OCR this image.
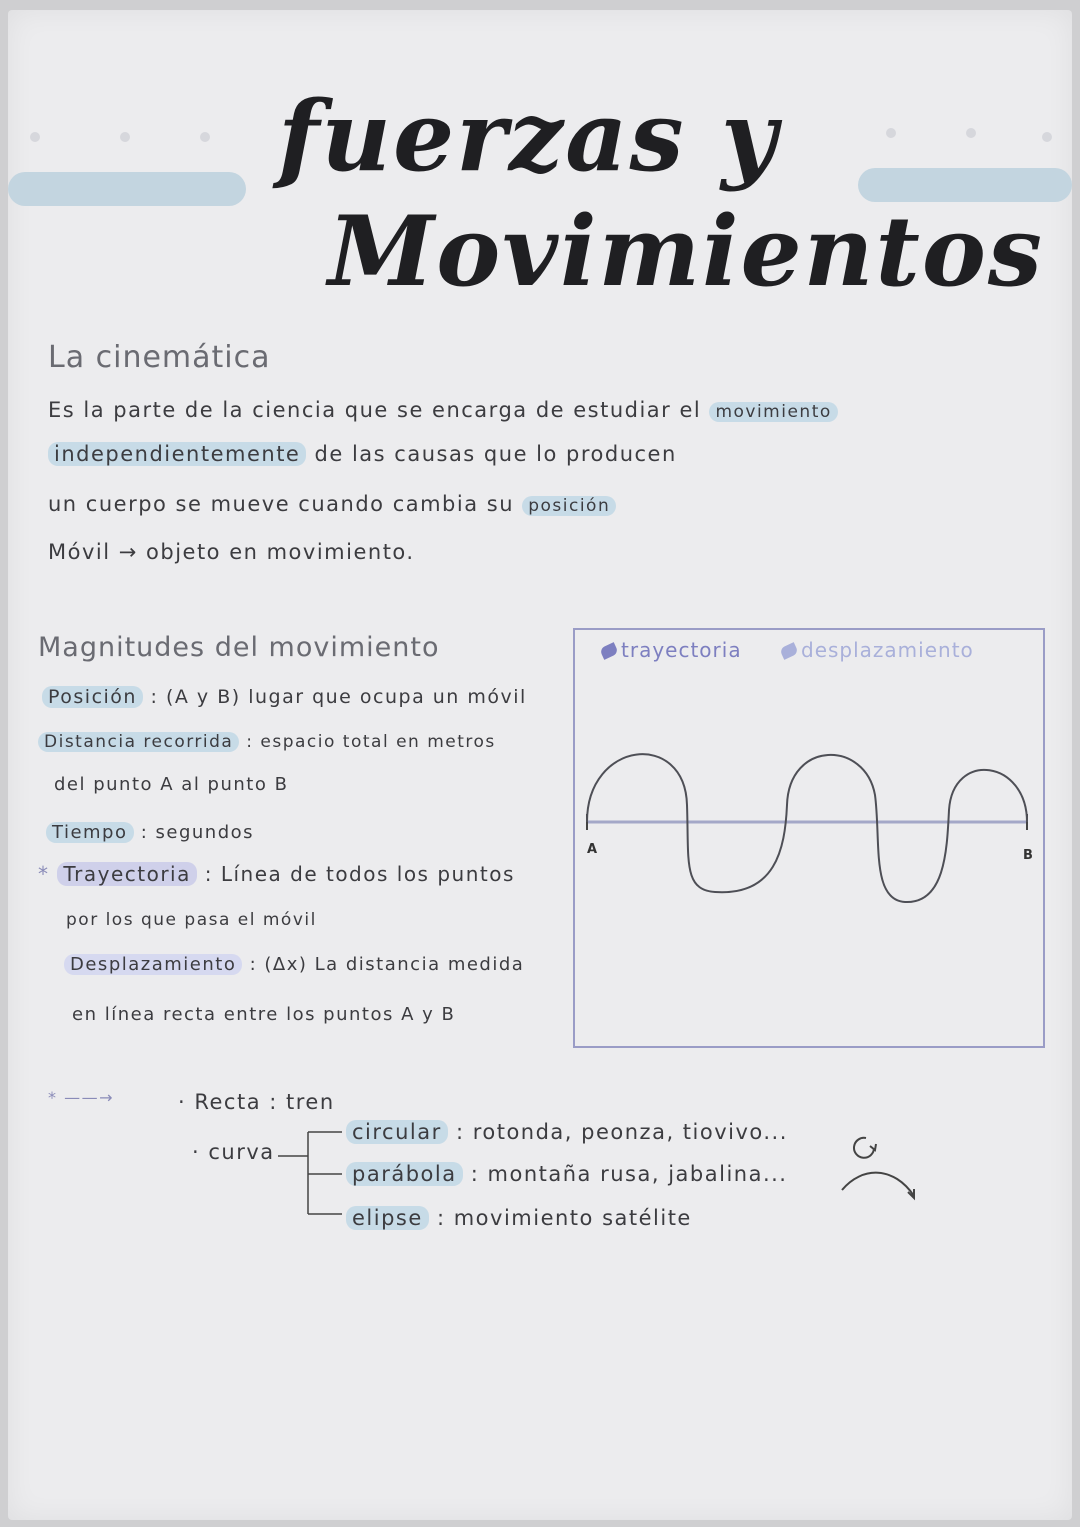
fuerzas y
Movimientos
La cinemática
Es la parte de la ciencia que se encarga de estudiar el movimiento
independientemente de las causas que lo producen
un cuerpo se mueve cuando cambia su posición
Móvil → objeto en movimiento.
Magnitudes del movimiento
Posición : (A y B) lugar que ocupa un móvil
Distancia recorrida : espacio total en metros
del punto A al punto B
Tiempo : segundos
* Trayectoria : Línea de todos los puntos
por los que pasa el móvil
Desplazamiento : (Δx) La distancia medida
en línea recta entre los puntos A y B
trayectoria	desplazamiento
A	B
* ——→	· Recta : tren
· curva
circular : rotonda, peonza, tiovivo...
parábola : montaña rusa, jabalina...
elipse : movimiento satélite
